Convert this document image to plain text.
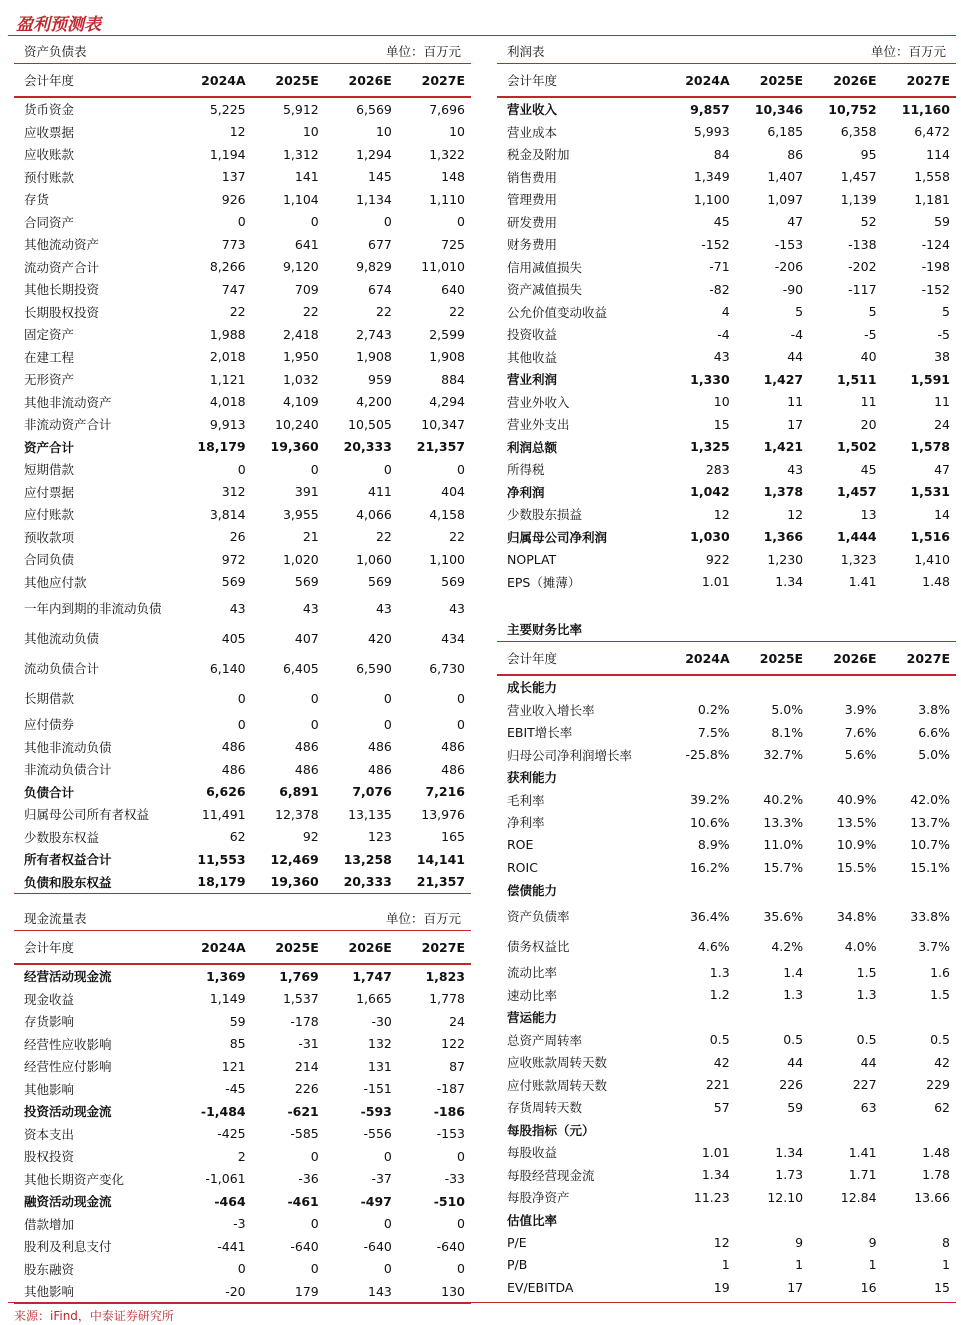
盈利预测表
资产负债表	单位：百万元
会计年度	2024A	2025E	2026E	2027E
货币资金	5,225	5,912	6,569	7,696
应收票据	12	10	10	10
应收账款	1,194	1,312	1,294	1,322
预付账款	137	141	145	148
存货	926	1,104	1,134	1,110
合同资产	0	0	0	0
其他流动资产	773	641	677	725
流动资产合计	8,266	9,120	9,829	11,010
其他长期投资	747	709	674	640
长期股权投资	22	22	22	22
固定资产	1,988	2,418	2,743	2,599
在建工程	2,018	1,950	1,908	1,908
无形资产	1,121	1,032	959	884
其他非流动资产	4,018	4,109	4,200	4,294
非流动资产合计	9,913	10,240	10,505	10,347
资产合计	18,179	19,360	20,333	21,357
短期借款	0	0	0	0
应付票据	312	391	411	404
应付账款	3,814	3,955	4,066	4,158
预收款项	26	21	22	22
合同负债	972	1,020	1,060	1,100
其他应付款	569	569	569	569
一年内到期的非流动负债	43	43	43	43
其他流动负债	405	407	420	434
流动负债合计	6,140	6,405	6,590	6,730
长期借款	0	0	0	0
应付债券	0	0	0	0
其他非流动负债	486	486	486	486
非流动负债合计	486	486	486	486
负债合计	6,626	6,891	7,076	7,216
归属母公司所有者权益	11,491	12,378	13,135	13,976
少数股东权益	62	92	123	165
所有者权益合计	11,553	12,469	13,258	14,141
负债和股东权益	18,179	19,360	20,333	21,357
现金流量表	单位：百万元
会计年度	2024A	2025E	2026E	2027E
经营活动现金流	1,369	1,769	1,747	1,823
现金收益	1,149	1,537	1,665	1,778
存货影响	59	-178	-30	24
经营性应收影响	85	-31	132	122
经营性应付影响	121	214	131	87
其他影响	-45	226	-151	-187
投资活动现金流	-1,484	-621	-593	-186
资本支出	-425	-585	-556	-153
股权投资	2	0	0	0
其他长期资产变化	-1,061	-36	-37	-33
融资活动现金流	-464	-461	-497	-510
借款增加	-3	0	0	0
股利及利息支付	-441	-640	-640	-640
股东融资	0	0	0	0
其他影响	-20	179	143	130
利润表	单位：百万元
会计年度	2024A	2025E	2026E	2027E
营业收入	9,857	10,346	10,752	11,160
营业成本	5,993	6,185	6,358	6,472
税金及附加	84	86	95	114
销售费用	1,349	1,407	1,457	1,558
管理费用	1,100	1,097	1,139	1,181
研发费用	45	47	52	59
财务费用	-152	-153	-138	-124
信用减值损失	-71	-206	-202	-198
资产减值损失	-82	-90	-117	-152
公允价值变动收益	4	5	5	5
投资收益	-4	-4	-5	-5
其他收益	43	44	40	38
营业利润	1,330	1,427	1,511	1,591
营业外收入	10	11	11	11
营业外支出	15	17	20	24
利润总额	1,325	1,421	1,502	1,578
所得税	283	43	45	47
净利润	1,042	1,378	1,457	1,531
少数股东损益	12	12	13	14
归属母公司净利润	1,030	1,366	1,444	1,516
NOPLAT	922	1,230	1,323	1,410
EPS（摊薄）	1.01	1.34	1.41	1.48
主要财务比率
会计年度	2024A	2025E	2026E	2027E
成长能力				
营业收入增长率	0.2%	5.0%	3.9%	3.8%
EBIT增长率	7.5%	8.1%	7.6%	6.6%
归母公司净利润增长率	-25.8%	32.7%	5.6%	5.0%
获利能力				
毛利率	39.2%	40.2%	40.9%	42.0%
净利率	10.6%	13.3%	13.5%	13.7%
ROE	8.9%	11.0%	10.9%	10.7%
ROIC	16.2%	15.7%	15.5%	15.1%
偿债能力				
资产负债率	36.4%	35.6%	34.8%	33.8%
债务权益比	4.6%	4.2%	4.0%	3.7%
流动比率	1.3	1.4	1.5	1.6
速动比率	1.2	1.3	1.3	1.5
营运能力				
总资产周转率	0.5	0.5	0.5	0.5
应收账款周转天数	42	44	44	42
应付账款周转天数	221	226	227	229
存货周转天数	57	59	63	62
每股指标（元）				
每股收益	1.01	1.34	1.41	1.48
每股经营现金流	1.34	1.73	1.71	1.78
每股净资产	11.23	12.10	12.84	13.66
估值比率				
P/E	12	9	9	8
P/B	1	1	1	1
EV/EBITDA	19	17	16	15
来源：iFind，中泰证券研究所
